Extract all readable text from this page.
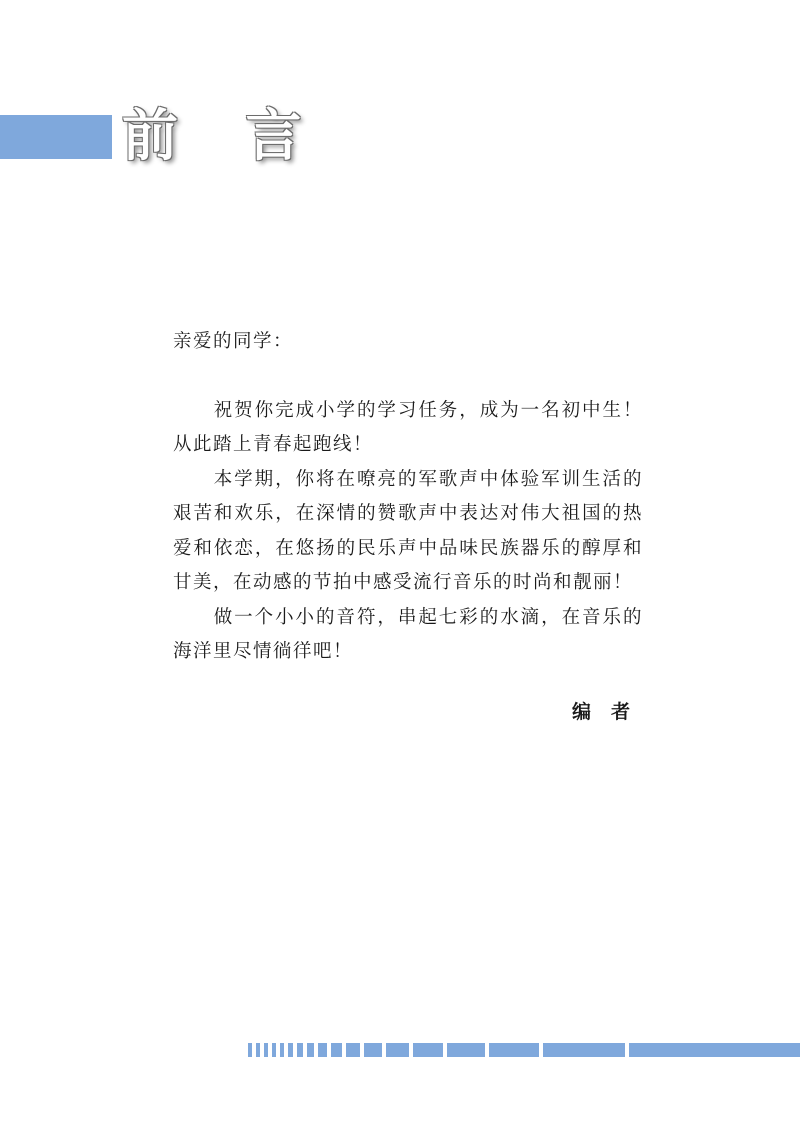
前 言

亲爱的同学：

祝贺你完成小学的学习任务，成为一名初中生！从此踏上青春起跑线！

本学期，你将在嘹亮的军歌声中体验军训生活的艰苦和欢乐，在深情的赞歌声中表达对伟大祖国的热爱和依恋，在悠扬的民乐声中品味民族器乐的醇厚和甘美，在动感的节拍中感受流行音乐的时尚和靓丽！

做一个小小的音符，串起七彩的水滴，在音乐的海洋里尽情徜徉吧！

编者
